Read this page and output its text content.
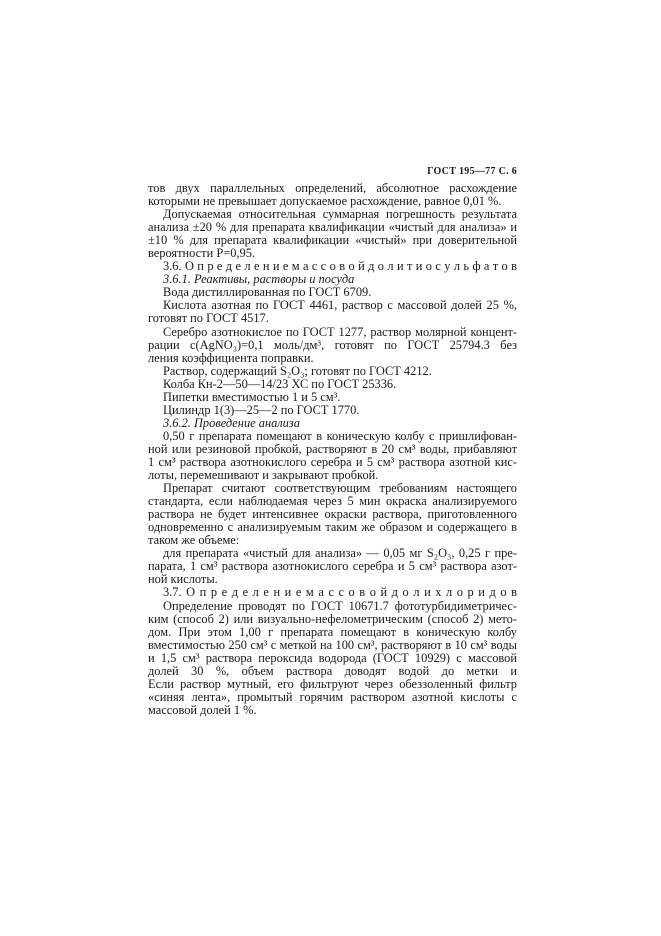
ГОСТ 195—77 С. 6
тов двух параллельных определений, абсолютное расхождение
которыми не превышает допускаемое расхождение, равное 0,01 %.
Допускаемая относительная суммарная погрешность результата
анализа ±20 % для препарата квалификации «чистый для анализа» и
±10 % для препарата квалификации «чистый» при доверительной
вероятности P=0,95.
3.6. О п р е д е л е н и е м а с с о в о й д о л и т и о с у л ь ф а т о в
3.6.1. Реактивы, растворы и посуда
Вода дистиллированная по ГОСТ 6709.
Кислота азотная по ГОСТ 4461, раствор с массовой долей 25 %,
готовят по ГОСТ 4517.
Серебро азотнокислое по ГОСТ 1277, раствор молярной концент-
рации c(AgNO₃)=0,1 моль/дм³, готовят по ГОСТ 25794.3 без
ления коэффициента поправки.
Раствор, содержащий S₂O₃; готовят по ГОСТ 4212.
Колба Кн-2—50—14/23 ХС по ГОСТ 25336.
Пипетки вместимостью 1 и 5 см³.
Цилиндр 1(3)—25—2 по ГОСТ 1770.
3.6.2. Проведение анализа
0,50 г препарата помещают в коническую колбу с пришлифован-
ной или резиновой пробкой, растворяют в 20 см³ воды, прибавляют
1 см³ раствора азотнокислого серебра и 5 см³ раствора азотной кис-
лоты, перемешивают и закрывают пробкой.
Препарат считают соответствующим требованиям настоящего
стандарта, если наблюдаемая через 5 мин окраска анализируемого
раствора не будет интенсивнее окраски раствора, приготовленного
одновременно с анализируемым таким же образом и содержащего в
таком же объеме:
для препарата «чистый для анализа» — 0,05 мг S₂O₃, 0,25 г пре-
парата, 1 см³ раствора азотнокислого серебра и 5 см³ раствора азот-
ной кислоты.
3.7. О п р е д е л е н и е м а с с о в о й д о л и х л о р и д о в
Определение проводят по ГОСТ 10671.7 фототурбидиметричес-
ким (способ 2) или визуально-нефелометрическим (способ 2) мето-
дом. При этом 1,00 г препарата помещают в коническую колбу
вместимостью 250 см³ с меткой на 100 см³, растворяют в 10 см³ воды
и 1,5 см³ раствора пероксида водорода (ГОСТ 10929) с массовой
долей 30 %, объем раствора доводят водой до метки и
Если раствор мутный, его фильтруют через обеззоленный фильтр
«синяя лента», промытый горячим раствором азотной кислоты с
массовой долей 1 %.
